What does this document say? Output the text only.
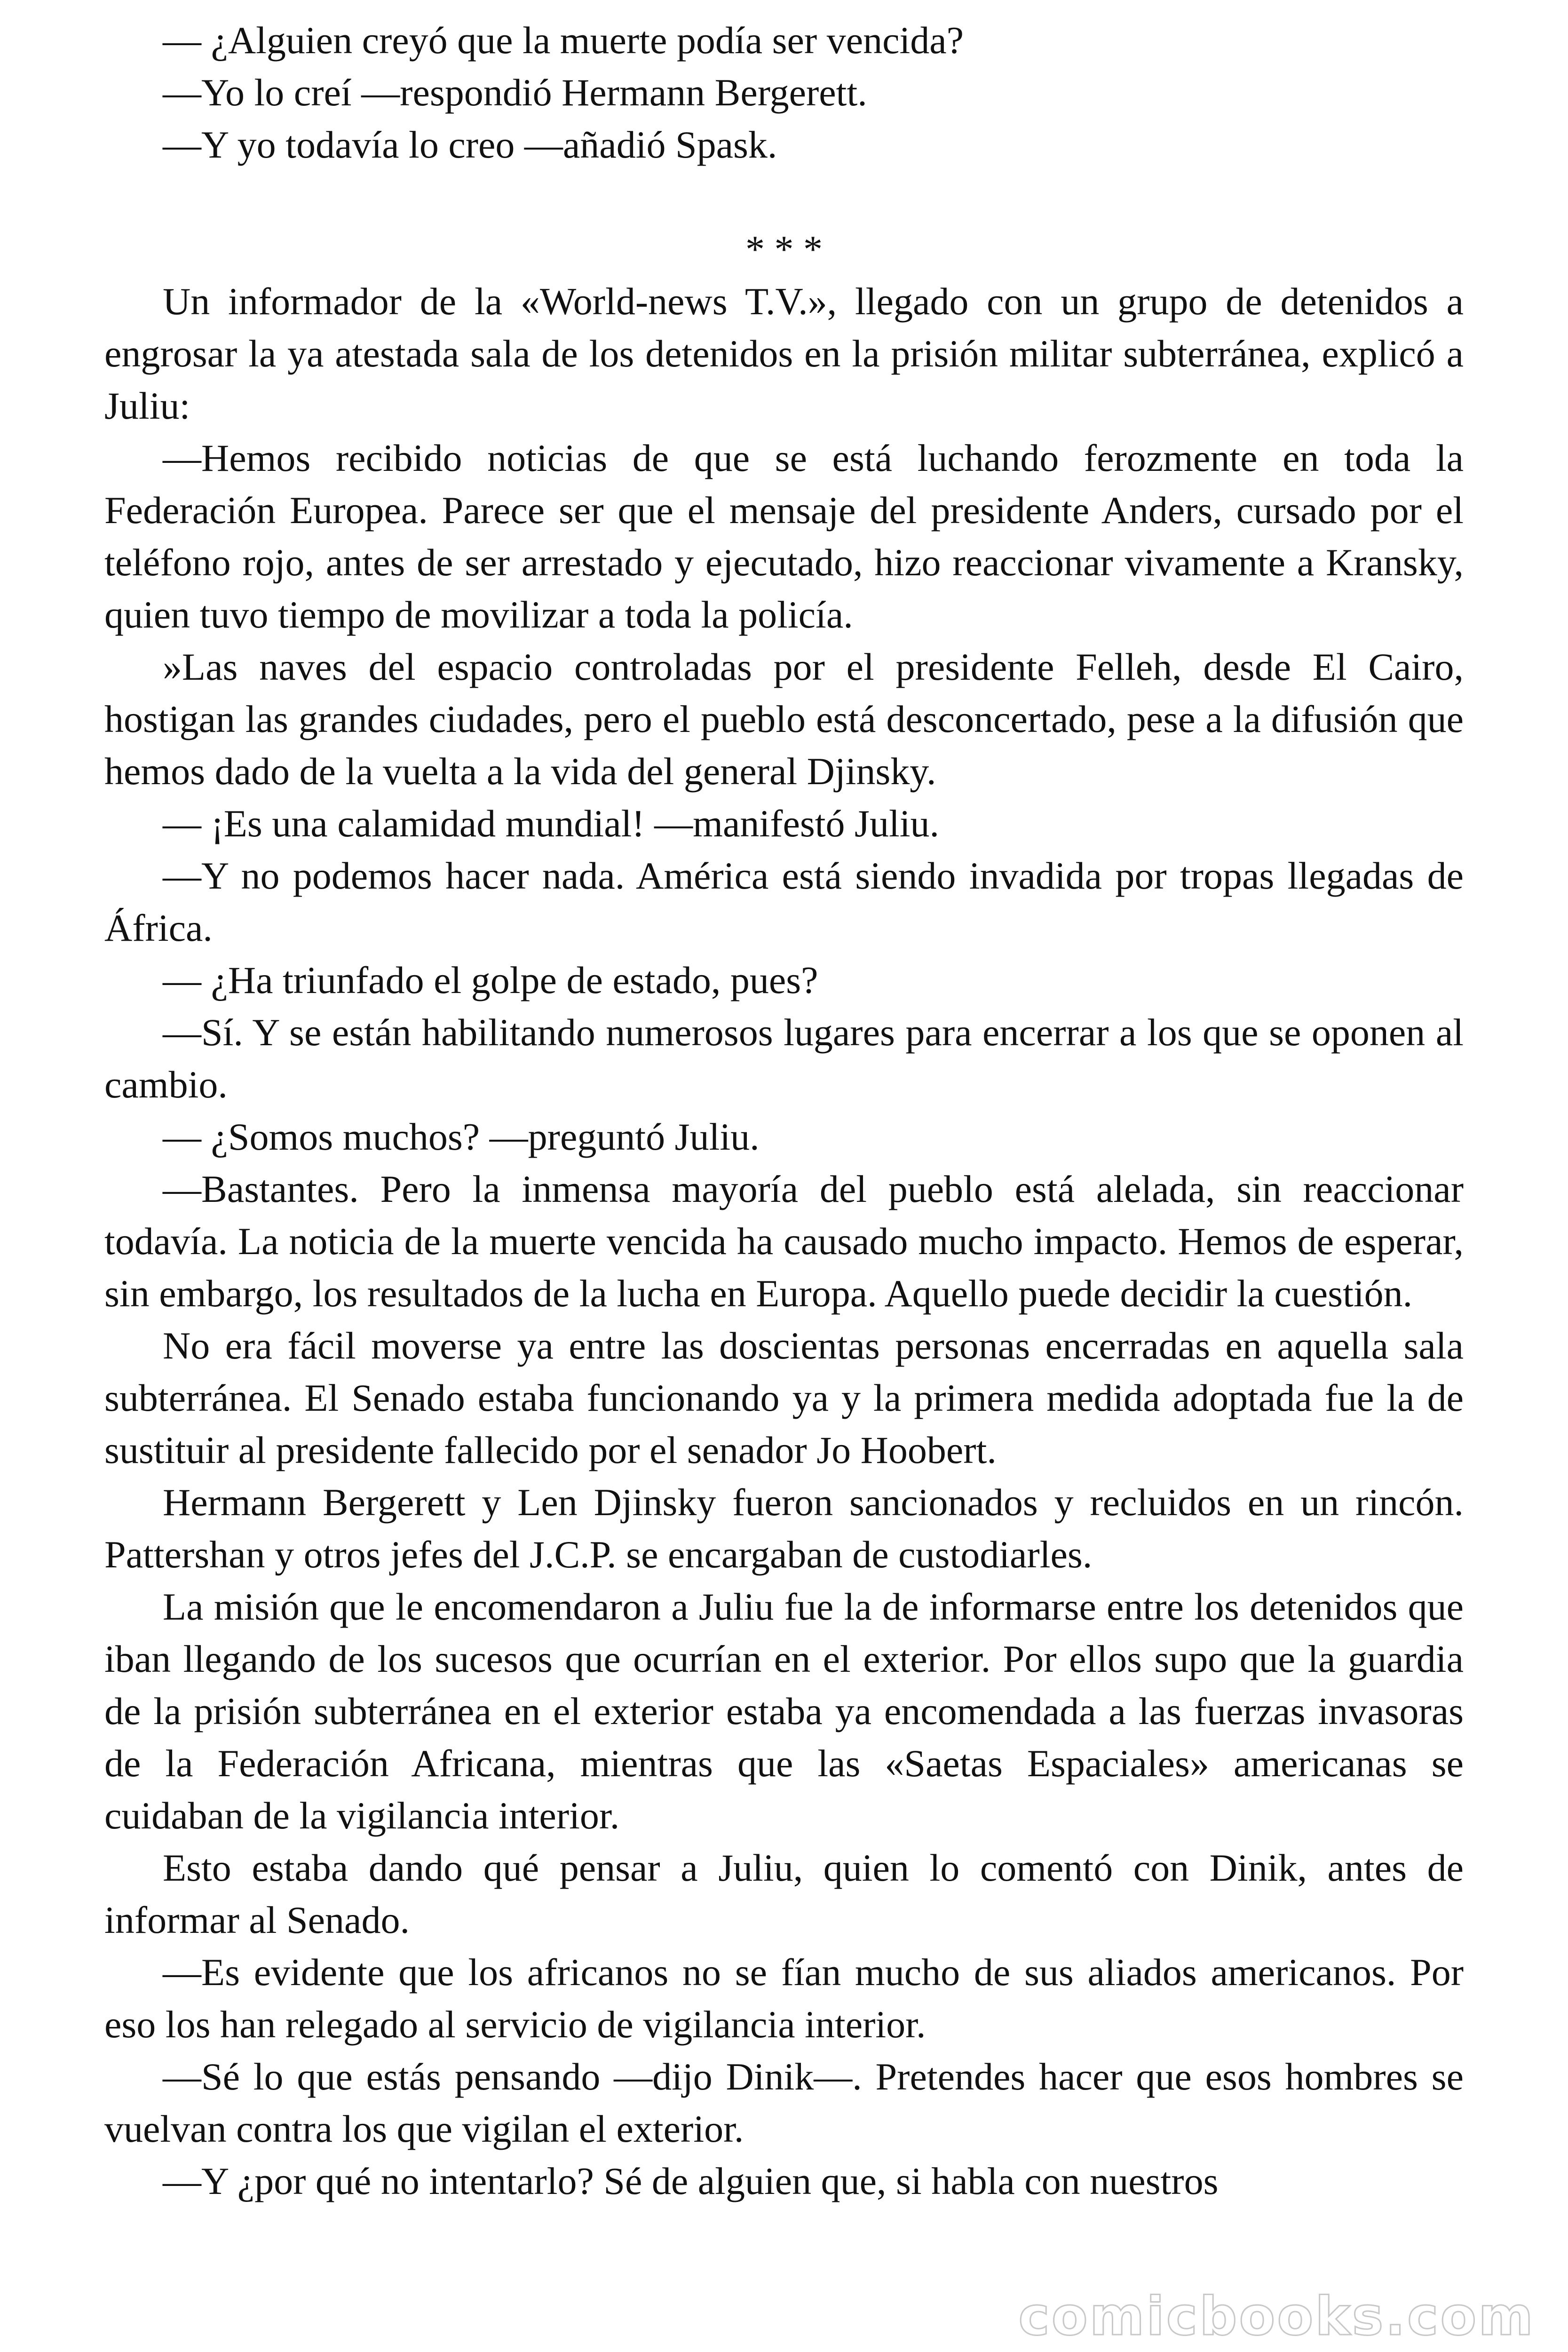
— ¿Alguien creyó que la muerte podía ser vencida?

—Yo lo creí —respondió Hermann Bergerett.

—Y yo todavía lo creo —añadió Spask.

* * *

Un informador de la «World-news T.V.», llegado con un grupo de detenidos a engrosar la ya atestada sala de los detenidos en la prisión militar subterránea, explicó a Juliu:

—Hemos recibido noticias de que se está luchando ferozmente en toda la Federación Europea. Parece ser que el mensaje del presidente Anders, cursado por el teléfono rojo, antes de ser arrestado y ejecutado, hizo reaccionar vivamente a Kransky, quien tuvo tiempo de movilizar a toda la policía.

»Las naves del espacio controladas por el presidente Felleh, desde El Cairo, hostigan las grandes ciudades, pero el pueblo está desconcertado, pese a la difusión que hemos dado de la vuelta a la vida del general Djinsky.

— ¡Es una calamidad mundial! —manifestó Juliu.

—Y no podemos hacer nada. América está siendo invadida por tropas llegadas de África.

— ¿Ha triunfado el golpe de estado, pues?

—Sí. Y se están habilitando numerosos lugares para encerrar a los que se oponen al cambio.

— ¿Somos muchos? —preguntó Juliu.

—Bastantes. Pero la inmensa mayoría del pueblo está alelada, sin reaccionar todavía. La noticia de la muerte vencida ha causado mucho impacto. Hemos de esperar, sin embargo, los resultados de la lucha en Europa. Aquello puede decidir la cuestión.

No era fácil moverse ya entre las doscientas personas encerradas en aquella sala subterránea. El Senado estaba funcionando ya y la primera medida adoptada fue la de sustituir al presidente fallecido por el senador Jo Hoobert.

Hermann Bergerett y Len Djinsky fueron sancionados y recluidos en un rincón. Pattershan y otros jefes del J.C.P. se encargaban de custodiarles.

La misión que le encomendaron a Juliu fue la de informarse entre los detenidos que iban llegando de los sucesos que ocurrían en el exterior. Por ellos supo que la guardia de la prisión subterránea en el exterior estaba ya encomendada a las fuerzas invasoras de la Federación Africana, mientras que las «Saetas Espaciales» americanas se cuidaban de la vigilancia interior.

Esto estaba dando qué pensar a Juliu, quien lo comentó con Dinik, antes de informar al Senado.

—Es evidente que los africanos no se fían mucho de sus aliados americanos. Por eso los han relegado al servicio de vigilancia interior.

—Sé lo que estás pensando —dijo Dinik—. Pretendes hacer que esos hombres se vuelvan contra los que vigilan el exterior.

—Y ¿por qué no intentarlo? Sé de alguien que, si habla con nuestros

comicbooks.com
